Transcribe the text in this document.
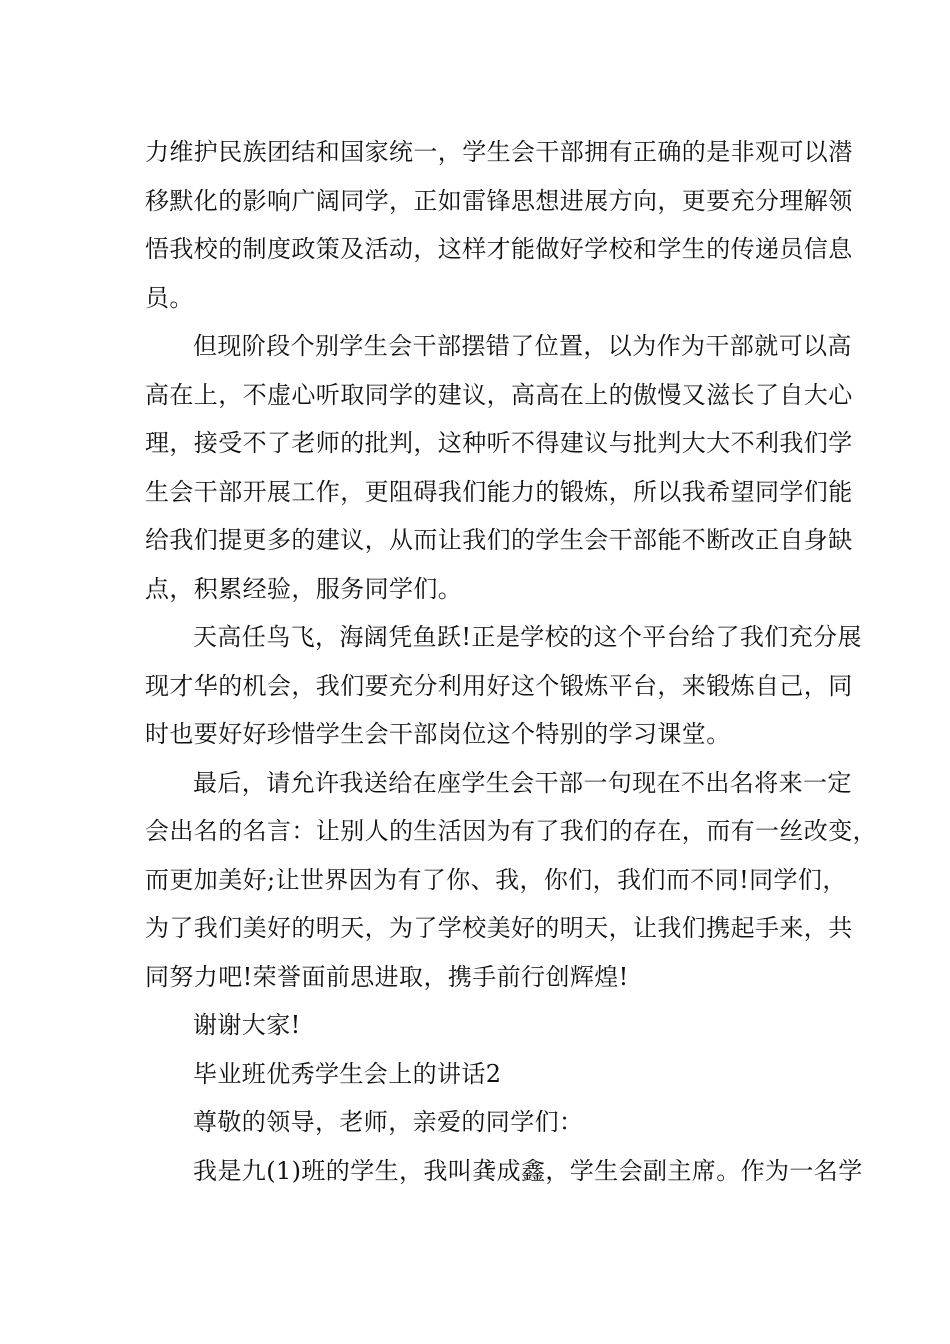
力维护民族团结和国家统一，学生会干部拥有正确的是非观可以潜
移默化的影响广阔同学，正如雷锋思想进展方向，更要充分理解领
悟我校的制度政策及活动，这样才能做好学校和学生的传递员信息
员。

但现阶段个别学生会干部摆错了位置，以为作为干部就可以高
高在上，不虚心听取同学的建议，高高在上的傲慢又滋长了自大心
理，接受不了老师的批判，这种听不得建议与批判大大不利我们学
生会干部开展工作，更阻碍我们能力的锻炼，所以我希望同学们能
给我们提更多的建议，从而让我们的学生会干部能不断改正自身缺
点，积累经验，服务同学们。

天高任鸟飞，海阔凭鱼跃!正是学校的这个平台给了我们充分展
现才华的机会，我们要充分利用好这个锻炼平台，来锻炼自己，同
时也要好好珍惜学生会干部岗位这个特别的学习课堂。

最后，请允许我送给在座学生会干部一句现在不出名将来一定
会出名的名言：让别人的生活因为有了我们的存在，而有一丝改变，
而更加美好;让世界因为有了你、我，你们，我们而不同!同学们，
为了我们美好的明天，为了学校美好的明天，让我们携起手来，共
同努力吧!荣誉面前思进取，携手前行创辉煌!

谢谢大家!

毕业班优秀学生会上的讲话2

尊敬的领导，老师，亲爱的同学们：

我是九(1)班的学生，我叫龚成鑫，学生会副主席。作为一名学
